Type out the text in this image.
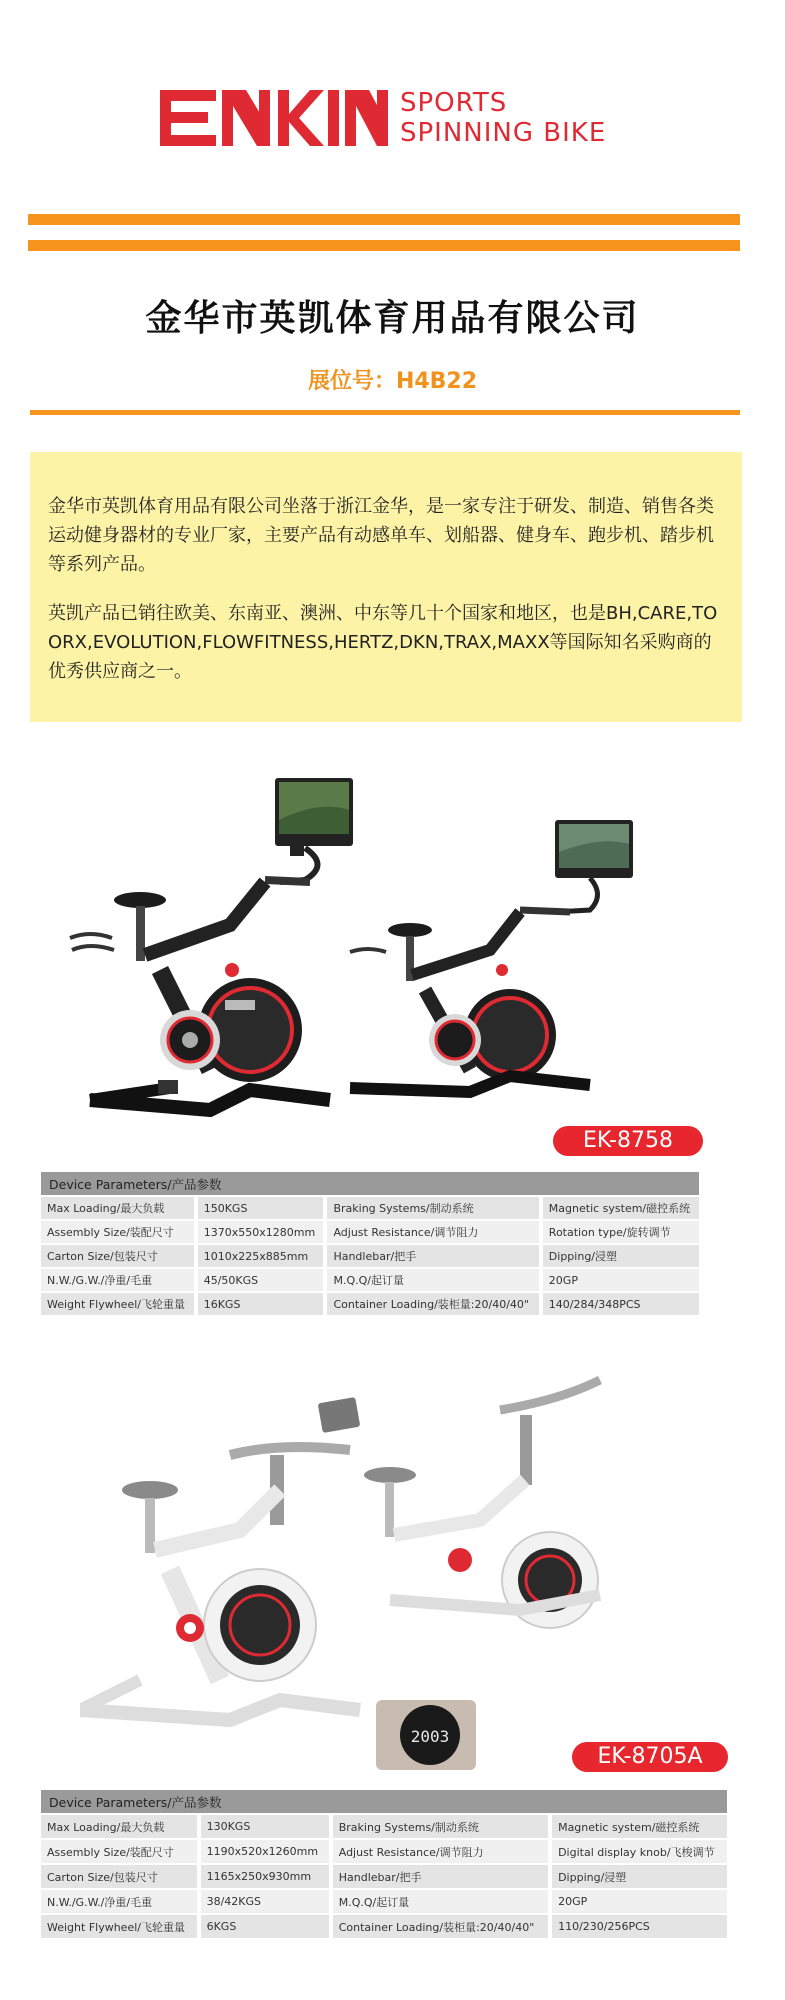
SPORTS
SPINNING BIKE
金华市英凯体育用品有限公司
展位号：H4B22

金华市英凯体育用品有限公司坐落于浙江金华，是一家专注于研发、制造、销售各类运动健身器材的专业厂家，主要产品有动感单车、划船器、健身车、跑步机、踏步机等系列产品。

英凯产品已销往欧美、东南亚、澳洲、中东等几十个国家和地区，也是BH,CARE,TOORX,EVOLUTION,FLOWFITNESS,HERTZ,DKN,TRAX,MAXX等国际知名采购商的优秀供应商之一。

EK-8758
Device Parameters/产品参数			
Max Loading/最大负载	150KGS	Braking Systems/制动系统	Magnetic system/磁控系统
Assembly Size/装配尺寸	1370x550x1280mm	Adjust Resistance/调节阻力	Rotation type/旋转调节
Carton Size/包装尺寸	1010x225x885mm	Handlebar/把手	Dipping/浸塑
N.W./G.W./净重/毛重	45/50KGS	M.Q.Q/起订量	20GP
Weight Flywheel/飞轮重量	16KGS	Container Loading/装柜量:20/40/40"	140/284/348PCS
2003
EK-8705A
Device Parameters/产品参数			
Max Loading/最大负载	130KGS	Braking Systems/制动系统	Magnetic system/磁控系统
Assembly Size/装配尺寸	1190x520x1260mm	Adjust Resistance/调节阻力	Digital display knob/飞梭调节
Carton Size/包装尺寸	1165x250x930mm	Handlebar/把手	Dipping/浸塑
N.W./G.W./净重/毛重	38/42KGS	M.Q.Q/起订量	20GP
Weight Flywheel/飞轮重量	6KGS	Container Loading/装柜量:20/40/40"	110/230/256PCS
